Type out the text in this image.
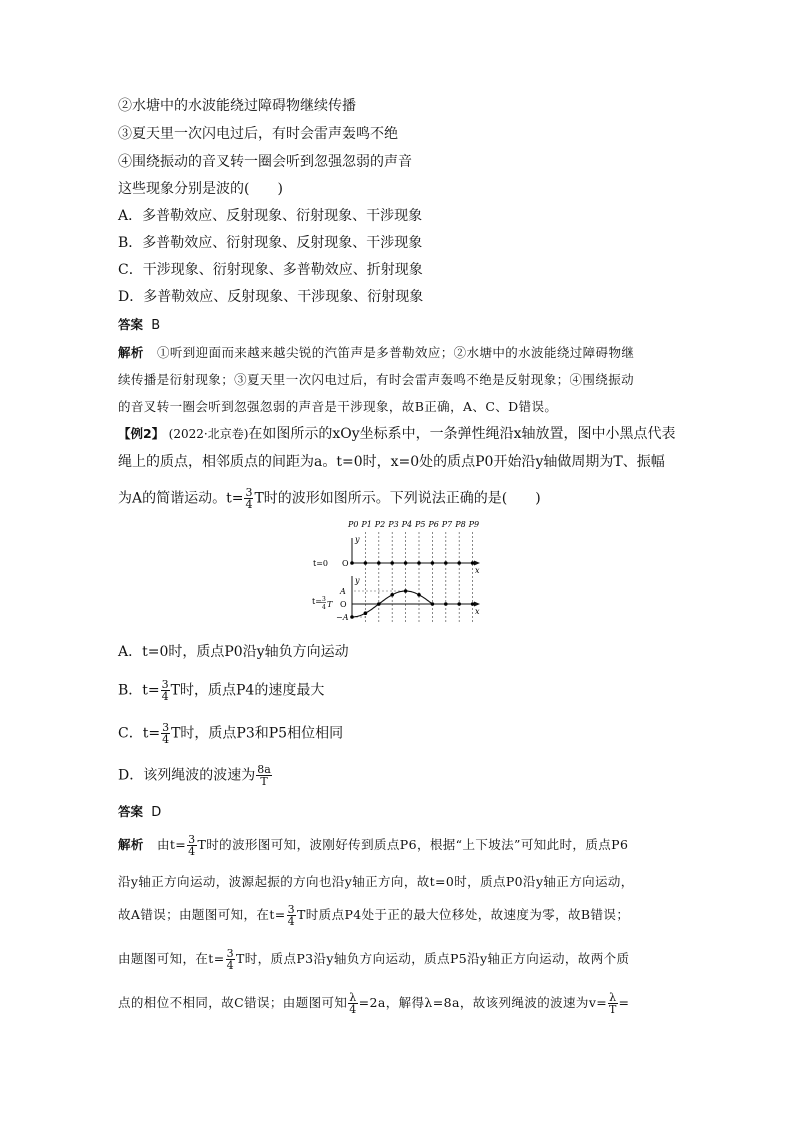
②水塘中的水波能绕过障碍物继续传播
③夏天里一次闪电过后，有时会雷声轰鸣不绝
④围绕振动的音叉转一圈会听到忽强忽弱的声音
这些现象分别是波的(　　)
A．多普勒效应、反射现象、衍射现象、干涉现象
B．多普勒效应、衍射现象、反射现象、干涉现象
C．干涉现象、衍射现象、多普勒效应、折射现象
D．多普勒效应、反射现象、干涉现象、衍射现象
答案 B
解析 ①听到迎面而来越来越尖锐的汽笛声是多普勒效应；②水塘中的水波能绕过障碍物继
续传播是衍射现象；③夏天里一次闪电过后，有时会雷声轰鸣不绝是反射现象；④围绕振动
的音叉转一圈会听到忽强忽弱的声音是干涉现象，故B正确，A、C、D错误。
【例2】 (2022·北京卷)在如图所示的xOy坐标系中，一条弹性绳沿x轴放置，图中小黑点代表
绳上的质点，相邻质点的间距为a。t=0时，x=0处的质点P0开始沿y轴做周期为T、振幅
为A的简谐运动。$t= \frac{3}{4}$ T时的波形如图所示。下列说法正确的是(　　)
P0 P1 P2 P3 P4 P5 P6 P7 P8 P9
y
x
t=0 O
y
x
A
O
−A
t= 3
4 T
A．t=0时，质点P0沿y轴负方向运动
B．$t= \frac{3}{4}$ T时，质点P4的速度最大
C．$t= \frac{3}{4}$ T时，质点P3和P5相位相同
D．该列绳波的波速为 $\frac{8a}{T}$
答案 D
解析 由$t= \frac{3}{4}$ T时的波形图可知，波刚好传到质点P6，根据“上下坡法”可知此时，质点P6
沿y轴正方向运动，波源起振的方向也沿y轴正方向，故t=0时，质点P0沿y轴正方向运动，
故A错误；由题图可知，在$t= \frac{3}{4}$ T时质点P4处于正的最大位移处，故速度为零，故B错误；
由题图可知，在$t= \frac{3}{4}$ T时，质点P3沿y轴负方向运动，质点P5沿y轴正方向运动，故两个质
点的相位不相同，故C错误；由题图可知 $\frac{\lambda}{4} =2a$，解得λ=8a，故该列绳波的波速为$v= \frac{\lambda}{T}$ =
